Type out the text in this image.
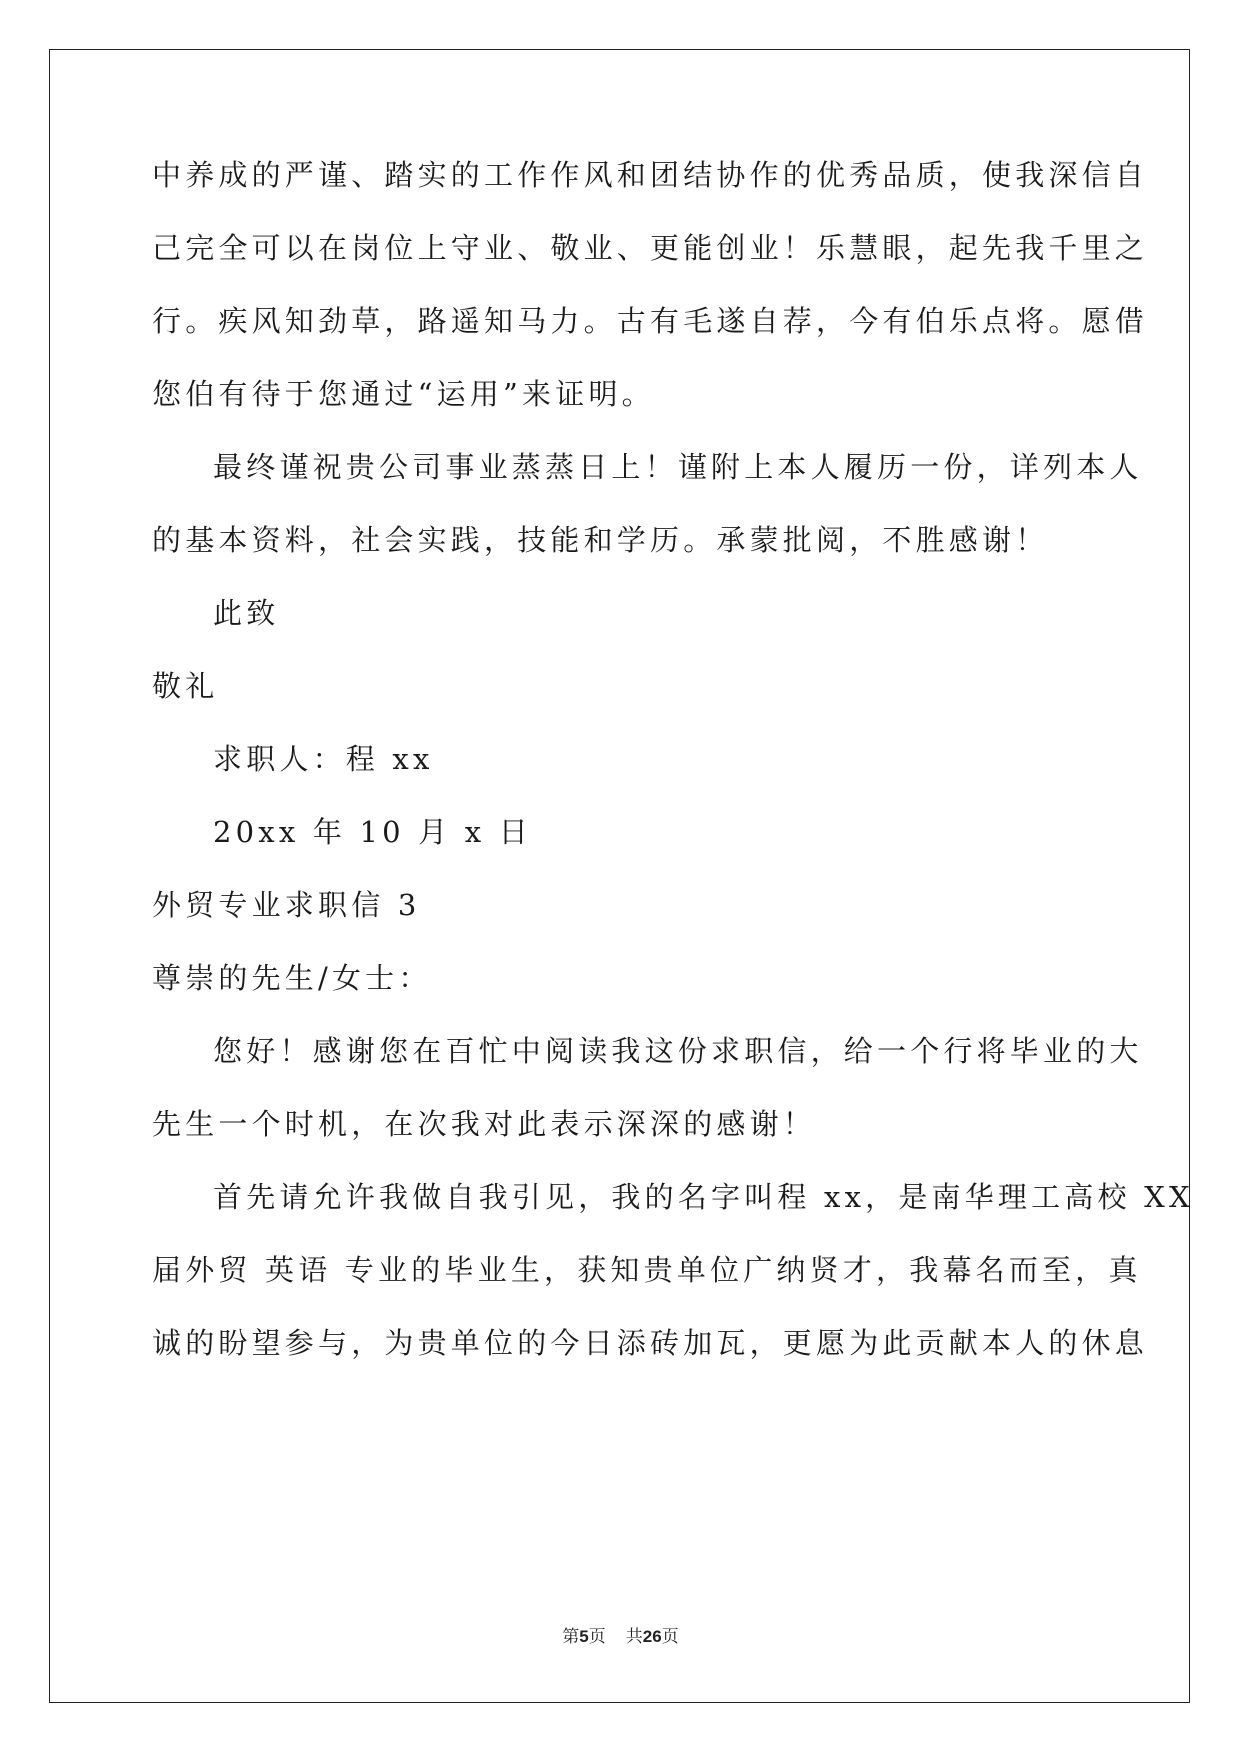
中养成的严谨、踏实的工作作风和团结协作的优秀品质，使我深信自
己完全可以在岗位上守业、敬业、更能创业！乐慧眼，起先我千里之
行。疾风知劲草，路遥知马力。古有毛遂自荐，今有伯乐点将。愿借
您伯有待于您通过“运用”来证明。
最终谨祝贵公司事业蒸蒸日上！谨附上本人履历一份，详列本人
的基本资料，社会实践，技能和学历。承蒙批阅，不胜感谢！
此致
敬礼
求职人：程 xx
20xx 年 10 月 x 日
外贸专业求职信 3
尊崇的先生/女士：
您好！感谢您在百忙中阅读我这份求职信，给一个行将毕业的大
先生一个时机，在次我对此表示深深的感谢！
首先请允许我做自我引见，我的名字叫程 xx，是南华理工高校 XX
届外贸 英语 专业的毕业生，获知贵单位广纳贤才，我幕名而至，真
诚的盼望参与，为贵单位的今日添砖加瓦，更愿为此贡献本人的休息
第5页 共26页
